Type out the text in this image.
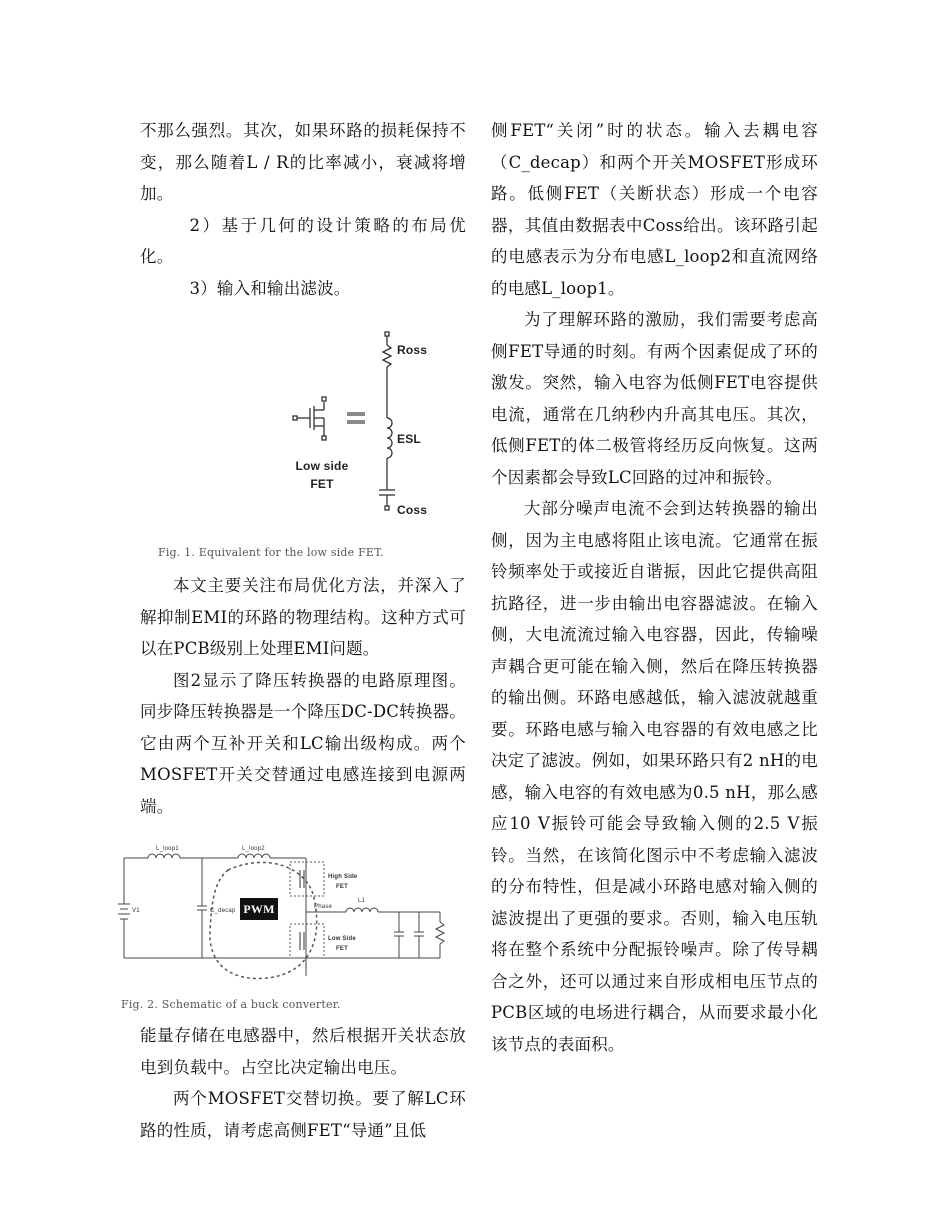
不那么强烈。其次，如果环路的损耗保持不变，那么随着L / R的比率减小，衰减将增加。

2）基于几何的设计策略的布局优化。

3）输入和输出滤波。

Ross
ESL
Coss
Low side
FET

Fig. 1. Equivalent for the low side FET.

本文主要关注布局优化方法，并深入了解抑制EMI的环路的物理结构。这种方式可以在PCB级别上处理EMI问题。

图2显示了降压转换器的电路原理图。同步降压转换器是一个降压DC-DC转换器。它由两个互补开关和LC输出级构成。两个MOSFET开关交替通过电感连接到电源两端。

PWM
L_loop1	L_loop2
V1	C_decap
High Side
FET
Low Side
FET
L1
Phase

Fig. 2. Schematic of a buck converter.

能量存储在电感器中，然后根据开关状态放电到负载中。占空比决定输出电压。

两个MOSFET交替切换。要了解LC环路的性质，请考虑高侧FET“导通”且低

侧FET“关闭”时的状态。输入去耦电容（C_decap）和两个开关MOSFET形成环路。低侧FET（关断状态）形成一个电容器，其值由数据表中Coss给出。该环路引起的电感表示为分布电感L_loop2和直流网络的电感L_loop1。

为了理解环路的激励，我们需要考虑高侧FET导通的时刻。有两个因素促成了环的激发。突然，输入电容为低侧FET电容提供电流，通常在几纳秒内升高其电压。其次，低侧FET的体二极管将经历反向恢复。这两个因素都会导致LC回路的过冲和振铃。

大部分噪声电流不会到达转换器的输出侧，因为主电感将阻止该电流。它通常在振铃频率处于或接近自谐振，因此它提供高阻抗路径，进一步由输出电容器滤波。在输入侧，大电流流过输入电容器，因此，传输噪声耦合更可能在输入侧，然后在降压转换器的输出侧。环路电感越低，输入滤波就越重要。环路电感与输入电容器的有效电感之比决定了滤波。例如，如果环路只有2 nH的电感，输入电容的有效电感为0.5 nH，那么感应10 V振铃可能会导致输入侧的2.5 V振铃。当然，在该简化图示中不考虑输入滤波的分布特性，但是减小环路电感对输入侧的滤波提出了更强的要求。否则，输入电压轨将在整个系统中分配振铃噪声。除了传导耦合之外，还可以通过来自形成相电压节点的PCB区域的电场进行耦合，从而要求最小化该节点的表面积。
